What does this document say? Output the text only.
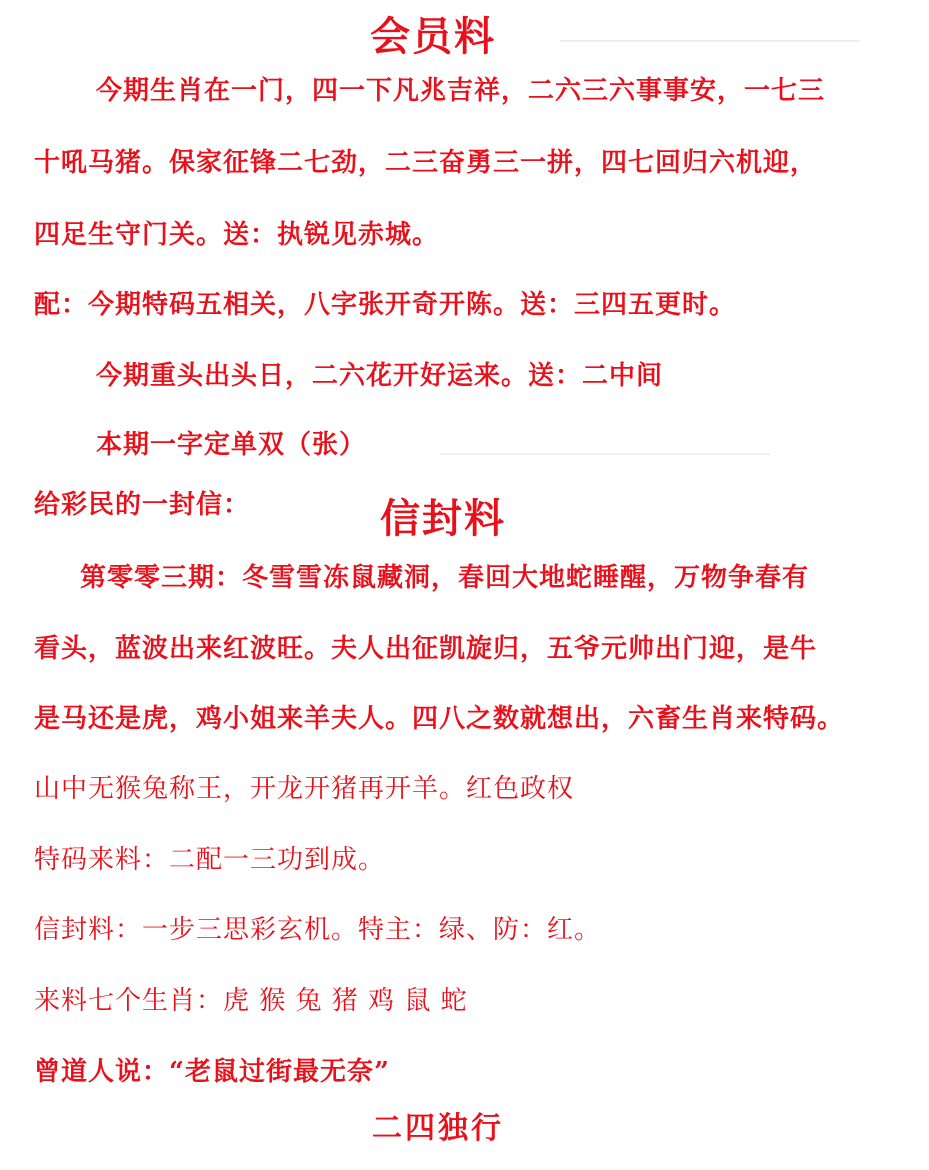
会员料
今期生肖在一门，四一下凡兆吉祥，二六三六事事安，一七三
十吼马猪。保家征锋二七劲，二三奋勇三一拼，四七回归六机迎，
四足生守门关。送：执锐见赤城。
配：今期特码五相关，八字张开奇开陈。送：三四五更时。
今期重头出头日，二六花开好运来。送：二中间
本期一字定单双（张）
给彩民的一封信：	信封料
第零零三期：冬雪雪冻鼠藏洞，春回大地蛇睡醒，万物争春有
看头，蓝波出来红波旺。夫人出征凯旋归，五爷元帅出门迎，是牛
是马还是虎，鸡小姐来羊夫人。四八之数就想出，六畜生肖来特码。
山中无猴兔称王，开龙开猪再开羊。红色政权
特码来料：二配一三功到成。
信封料：一步三思彩玄机。特主：绿、防：红。
来料七个生肖：虎 猴 兔 猪 鸡 鼠 蛇
曾道人说：“老鼠过街最无奈”
二四独行
